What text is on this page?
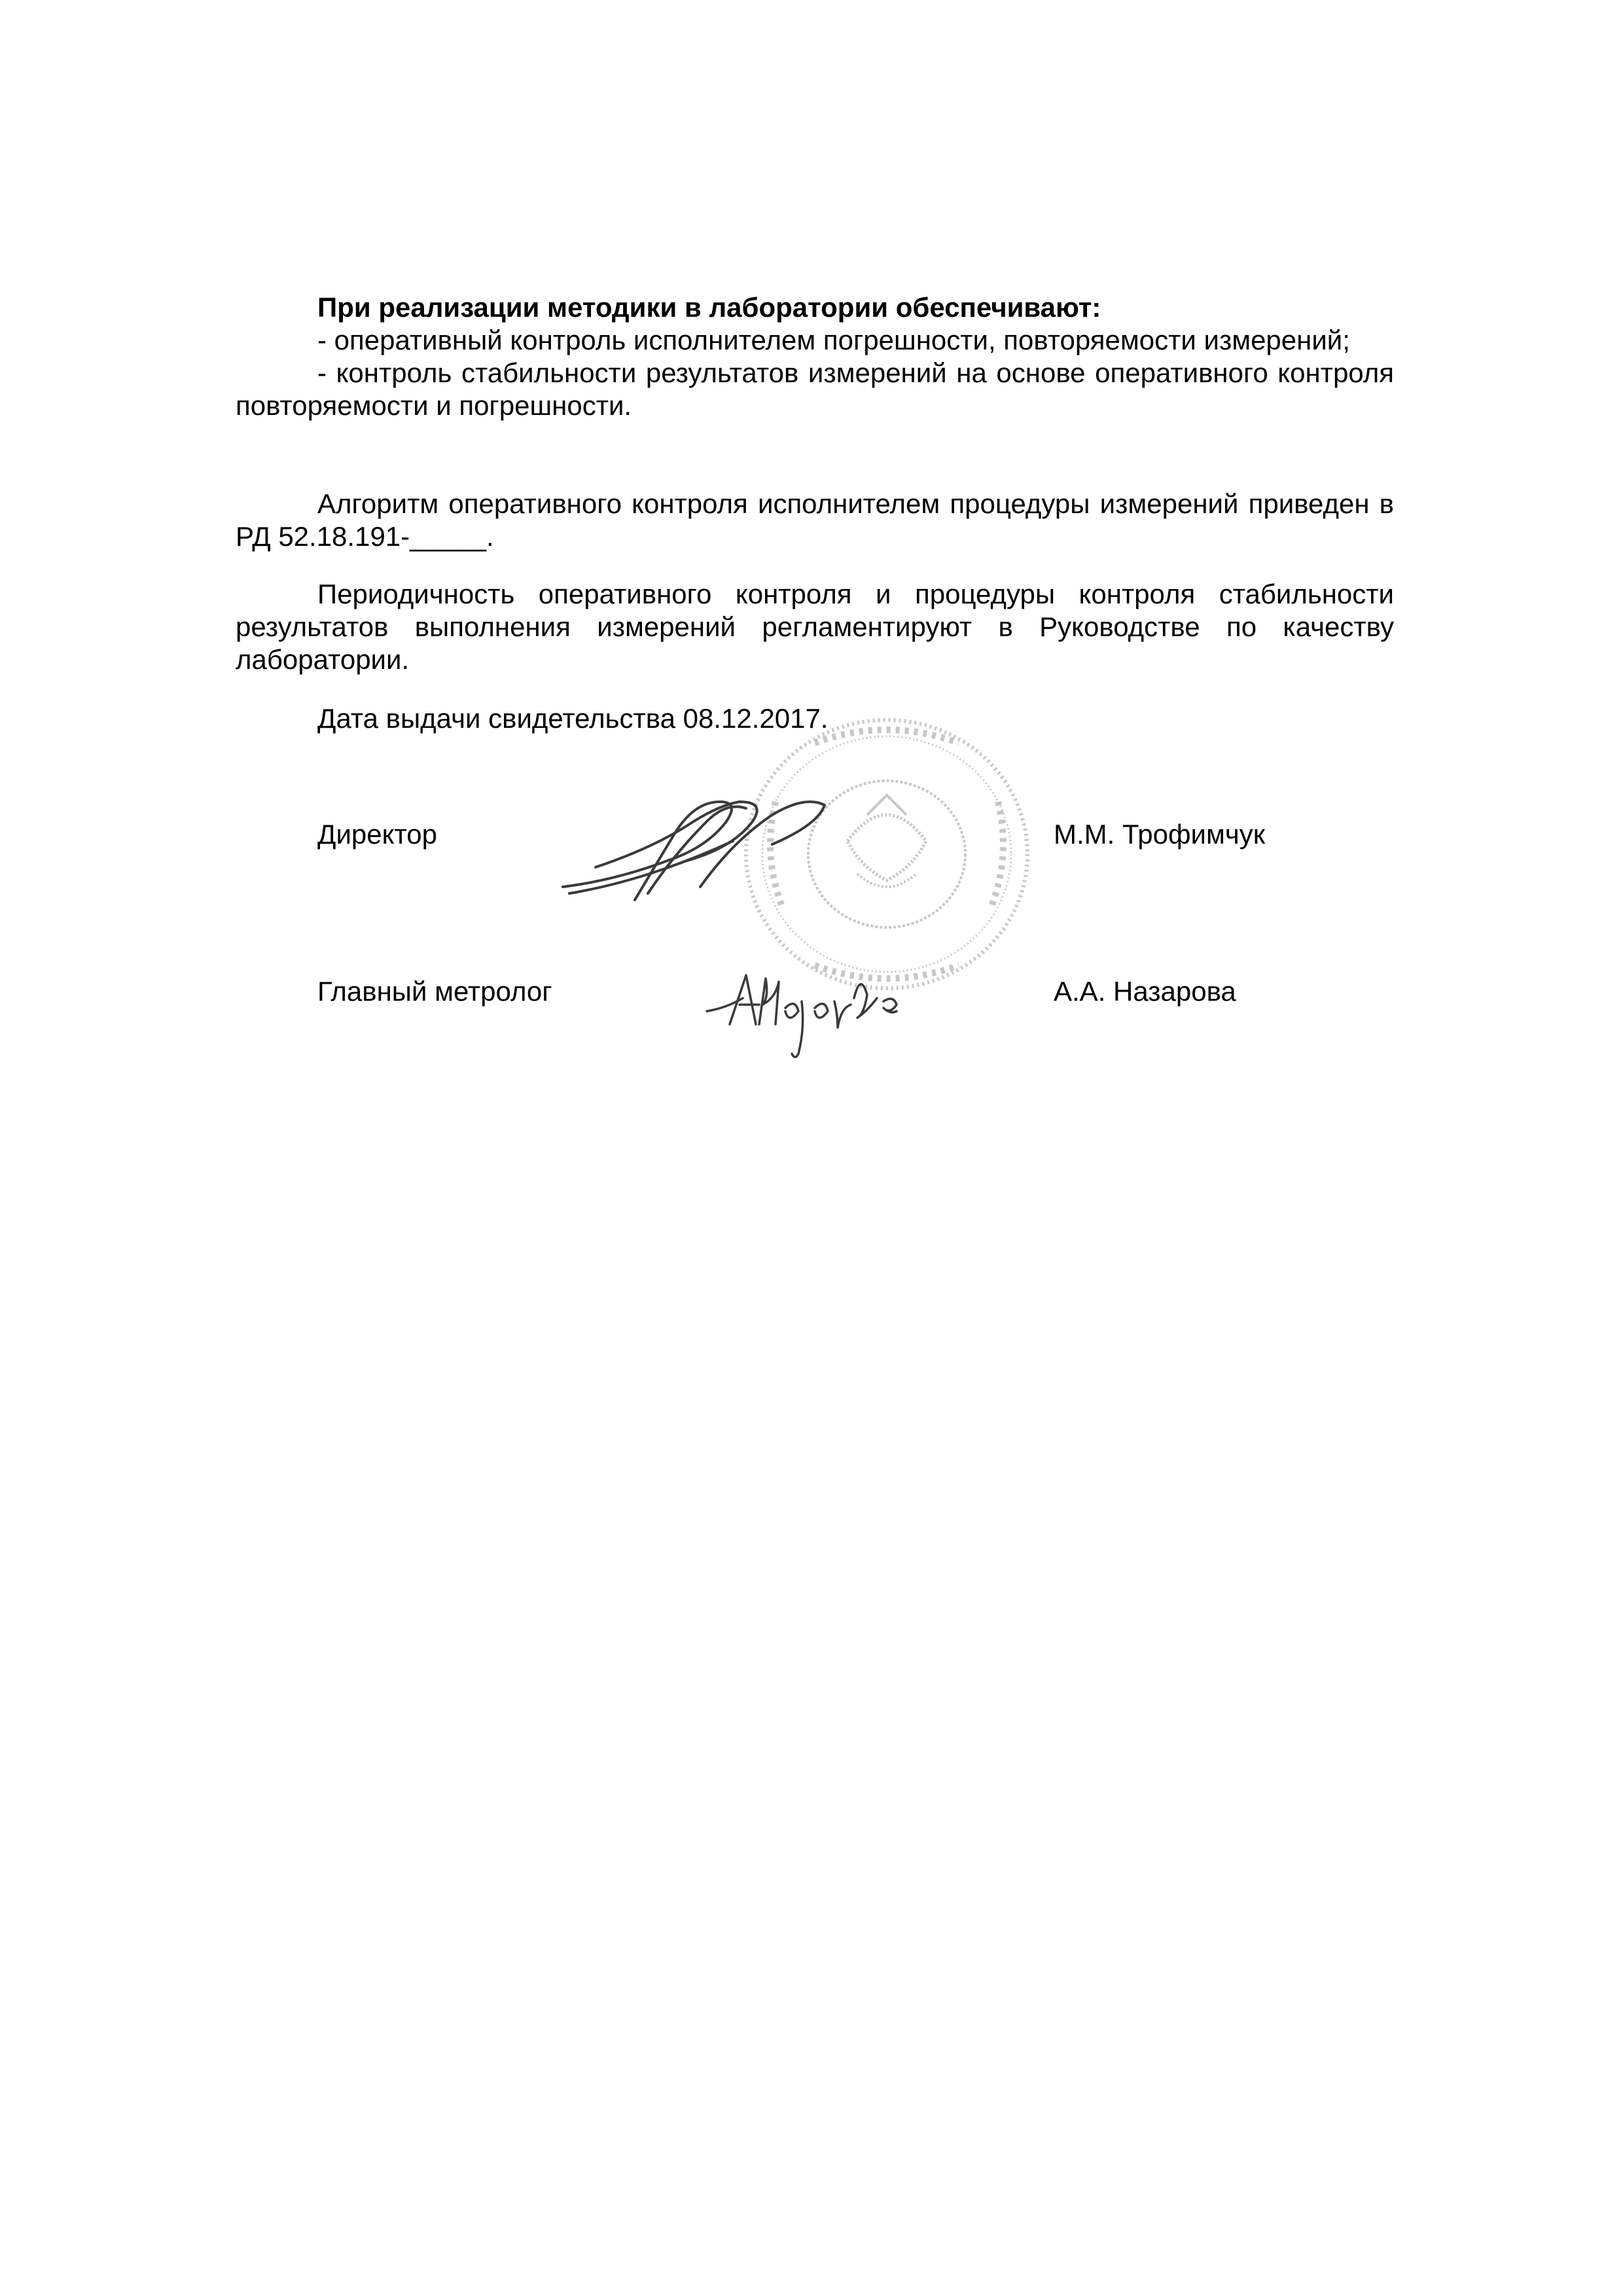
При реализации методики в лаборатории обеспечивают:

- оперативный контроль исполнителем погрешности, повторяемости измерений;

- контроль стабильности результатов измерений на основе оперативного контроля повторяемости и погрешности.

Алгоритм оперативного контроля исполнителем процедуры измерений приведен в РД 52.18.191-_____.

Периодичность оперативного контроля и процедуры контроля стабильности результатов выполнения измерений регламентируют в Руководстве по качеству лаборатории.

Дата выдачи свидетельства 08.12.2017.

Директор	М.М. Трофимчук
Главный метролог	А.А. Назарова
